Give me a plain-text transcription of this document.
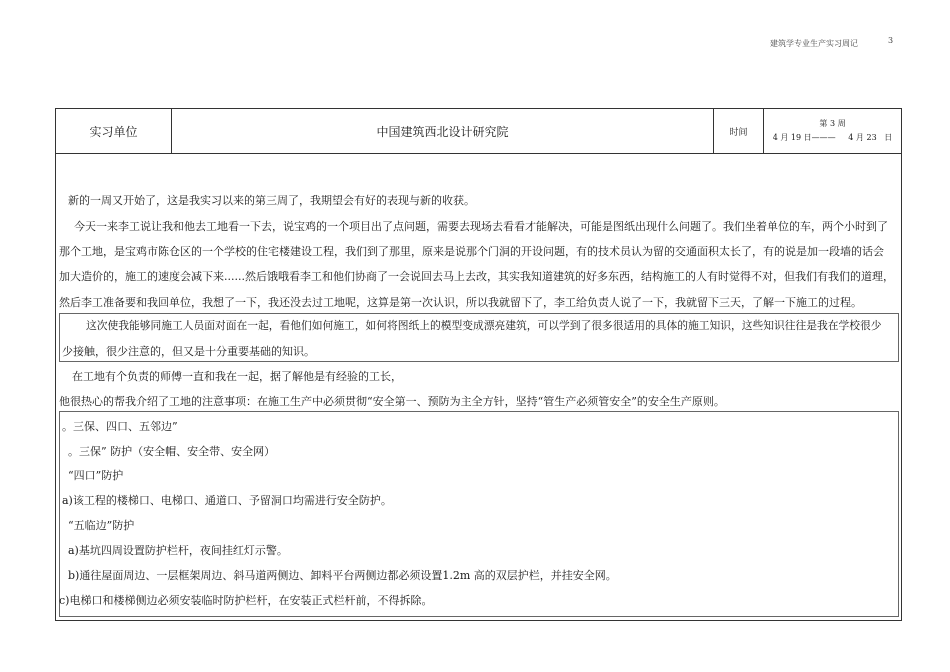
建筑学专业生产实习周记	3
实习单位	中国建筑西北设计研究院	时间
第 3 周
4 月 19 日———     4 月 23   日
新的一周又开始了，这是我实习以来的第三周了，我期望会有好的表现与新的收获。
今天一来李工说让我和他去工地看一下去，说宝鸡的一个项目出了点问题，需要去现场去看看才能解决，可能是图纸出现什么问题了。我们坐着单位的车，两个小时到了
那个工地，是宝鸡市陈仓区的一个学校的住宅楼建设工程，我们到了那里，原来是说那个门洞的开设问题，有的技术员认为留的交通面积太长了，有的说是加一段墙的话会
加大造价的，施工的速度会减下来......然后饿哦看李工和他们协商了一会说回去马上去改，其实我知道建筑的好多东西，结构施工的人有时觉得不对，但我们有我们的道理，
然后李工准备要和我回单位，我想了一下，我还没去过工地呢，这算是第一次认识，所以我就留下了，李工给负责人说了一下，我就留下三天，了解一下施工的过程。
这次使我能够同施工人员面对面在一起，看他们如何施工，如何将图纸上的模型变成漂亮建筑，可以学到了很多很适用的具体的施工知识，这些知识往往是我在学校很少
少接触，很少注意的，但又是十分重要基础的知识。
在工地有个负责的师傅一直和我在一起，据了解他是有经验的工长，
他很热心的帮我介绍了工地的注意事项：在施工生产中必须贯彻“安全第一、预防为主全方针，坚持“管生产必须管安全”的安全生产原则。
。三保、四口、五邻边”
。三保” 防护（安全帽、安全带、安全网）
“四口”防护
a)该工程的楼梯口、电梯口、通道口、予留洞口均需进行安全防护。
“五临边”防护
a)基坑四周设置防护栏杆，夜间挂红灯示警。
b)通往屋面周边、一层框架周边、斜马道两侧边、卸料平台两侧边都必须设置1.2m 高的双层护栏，并挂安全网。
c)电梯口和楼梯侧边必须安装临时防护栏杆，在安装正式栏杆前，不得拆除。
